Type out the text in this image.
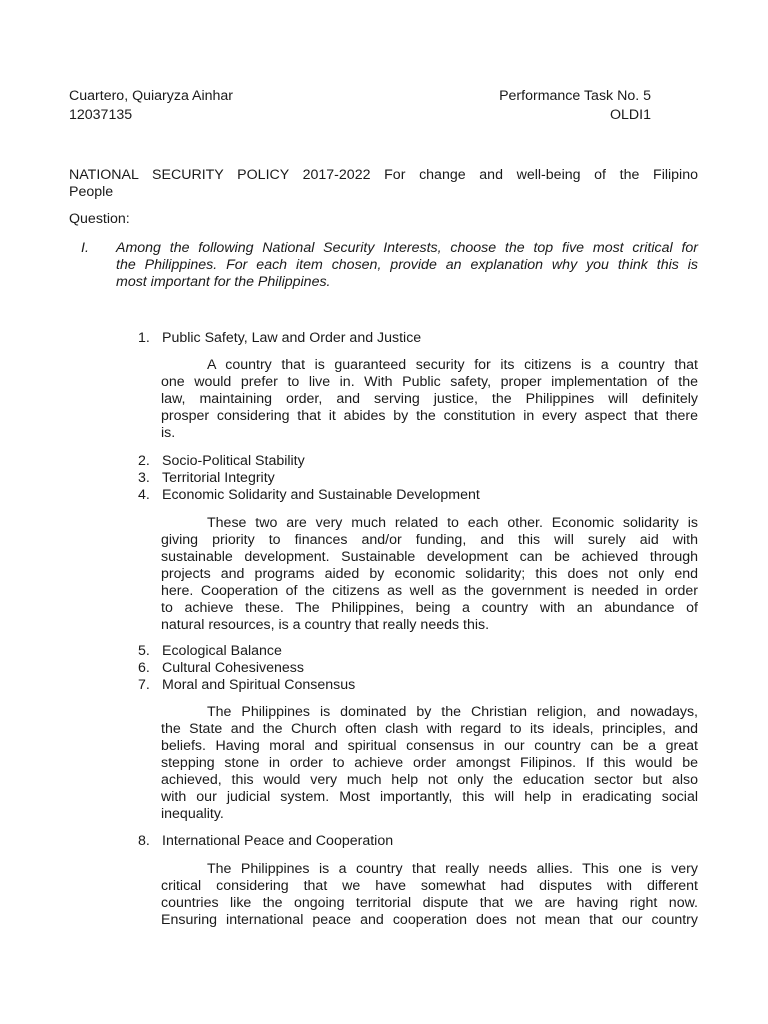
Cuartero, Quiaryza Ainhar
12037135
Performance Task No. 5
OLDI1
NATIONAL SECURITY POLICY 2017-2022 For change and well-being of the Filipino
People
Question:
I. Among the following National Security Interests, choose the top five most critical for
the Philippines. For each item chosen, provide an explanation why you think this is
most important for the Philippines.
1. Public Safety, Law and Order and Justice
A country that is guaranteed security for its citizens is a country that
one would prefer to live in. With Public safety, proper implementation of the
law, maintaining order, and serving justice, the Philippines will definitely
prosper considering that it abides by the constitution in every aspect that there
is.
2. Socio-Political Stability
3. Territorial Integrity
4. Economic Solidarity and Sustainable Development
These two are very much related to each other. Economic solidarity is
giving priority to finances and/or funding, and this will surely aid with
sustainable development. Sustainable development can be achieved through
projects and programs aided by economic solidarity; this does not only end
here. Cooperation of the citizens as well as the government is needed in order
to achieve these. The Philippines, being a country with an abundance of
natural resources, is a country that really needs this.
5. Ecological Balance
6. Cultural Cohesiveness
7. Moral and Spiritual Consensus
The Philippines is dominated by the Christian religion, and nowadays,
the State and the Church often clash with regard to its ideals, principles, and
beliefs. Having moral and spiritual consensus in our country can be a great
stepping stone in order to achieve order amongst Filipinos. If this would be
achieved, this would very much help not only the education sector but also
with our judicial system. Most importantly, this will help in eradicating social
inequality.
8. International Peace and Cooperation
The Philippines is a country that really needs allies. This one is very
critical considering that we have somewhat had disputes with different
countries like the ongoing territorial dispute that we are having right now.
Ensuring international peace and cooperation does not mean that our country
